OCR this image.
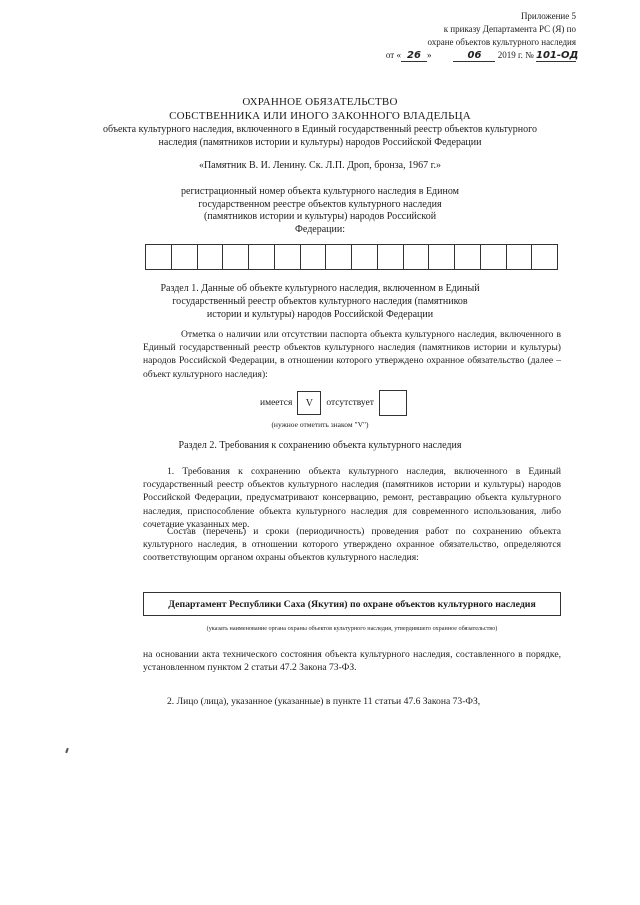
Приложение 5
к приказу Департамента РС (Я) по
охране объектов культурного наследия
от « 26 »	06 2019 г. № 101-ОД
ОХРАННОЕ ОБЯЗАТЕЛЬСТВО
СОБСТВЕННИКА ИЛИ ИНОГО ЗАКОННОГО ВЛАДЕЛЬЦА
объекта культурного наследия, включенного в Единый государственный реестр объектов культурного наследия (памятников истории и культуры) народов Российской Федерации
«Памятник В. И. Ленину. Ск. Л.П. Дроп, бронза, 1967 г.»
регистрационный номер объекта культурного наследия в Едином государственном реестре объектов культурного наследия (памятников истории и культуры) народов Российской Федерации:
Раздел 1. Данные об объекте культурного наследия, включенном в Единый государственный реестр объектов культурного наследия (памятников истории и культуры) народов Российской Федерации
Отметка о наличии или отсутствии паспорта объекта культурного наследия, включенного в Единый государственный реестр объектов культурного наследия (памятников истории и культуры) народов Российской Федерации, в отношении которого утверждено охранное обязательство (далее – объект культурного наследия):
имеется	V	отсутствует
(нужное отметить знаком "V")
Раздел 2. Требования к сохранению объекта культурного наследия
1. Требования к сохранению объекта культурного наследия, включенного в Единый государственный реестр объектов культурного наследия (памятников истории и культуры) народов Российской Федерации, предусматривают консервацию, ремонт, реставрацию объекта культурного наследия, приспособление объекта культурного наследия для современного использования, либо сочетание указанных мер.
Состав (перечень) и сроки (периодичность) проведения работ по сохранению объекта культурного наследия, в отношении которого утверждено охранное обязательство, определяются соответствующим органом охраны объектов культурного наследия:
Департамент Республики Саха (Якутия) по охране объектов культурного наследия
(указать наименование органа охраны объектов культурного наследия, утвердившего охранное обязательство)
на основании акта технического состояния объекта культурного наследия, составленного в порядке, установленном пунктом 2 статьи 47.2 Закона 73-ФЗ.
2. Лицо (лица), указанное (указанные) в пункте 11 статьи 47.6 Закона 73-ФЗ,
